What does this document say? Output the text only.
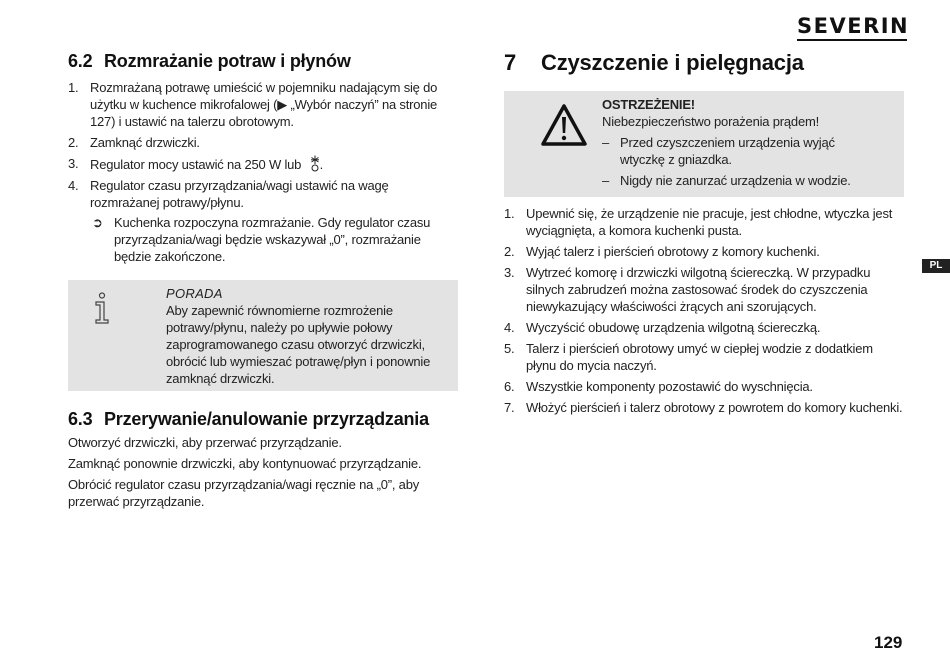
SEVERIN
PL
129
6.2 Rozmrażanie potraw i płynów
1. Rozmrażaną potrawę umieścić w pojemniku nadającym się do użytku w kuchence mikrofalowej (▶ „Wybór naczyń” na stronie 127) i ustawić na talerzu obrotowym.
2. Zamknąć drzwiczki.
3. Regulator mocy ustawić na 250 W lub .
4. Regulator czasu przyrządzania/wagi ustawić na wagę rozmrażanej potrawy/płynu.
➲ Kuchenka rozpoczyna rozmrażanie. Gdy regulator czasu przyrządzania/wagi będzie wskazywał „0”, rozmrażanie będzie zakończone.
PORADA
Aby zapewnić równomierne rozmrożenie potrawy/płynu, należy po upływie połowy zaprogramowanego czasu otworzyć drzwiczki, obrócić lub wymieszać potrawę/płyn i ponownie zamknąć drzwiczki.
6.3 Przerywanie/anulowanie przyrządzania

Otworzyć drzwiczki, aby przerwać przyrządzanie.

Zamknąć ponownie drzwiczki, aby kontynuować przyrządzanie.

Obrócić regulator czasu przyrządzania/wagi ręcznie na „0”, aby przerwać przyrządzanie.

7 Czyszczenie i pielęgnacja
OSTRZEŻENIE!
Niebezpieczeństwo porażenia prądem!
– Przed czyszczeniem urządzenia wyjąć wtyczkę z gniazdka.
– Nigdy nie zanurzać urządzenia w wodzie.
1. Upewnić się, że urządzenie nie pracuje, jest chłodne, wtyczka jest wyciągnięta, a komora kuchenki pusta.
2. Wyjąć talerz i pierścień obrotowy z komory kuchenki.
3. Wytrzeć komorę i drzwiczki wilgotną ściereczką. W przypadku silnych zabrudzeń można zastosować środek do czyszczenia niewykazujący właściwości żrących ani szorujących.
4. Wyczyścić obudowę urządzenia wilgotną ściereczką.
5. Talerz i pierścień obrotowy umyć w ciepłej wodzie z dodatkiem płynu do mycia naczyń.
6. Wszystkie komponenty pozostawić do wyschnięcia.
7. Włożyć pierścień i talerz obrotowy z powrotem do komory kuchenki.
